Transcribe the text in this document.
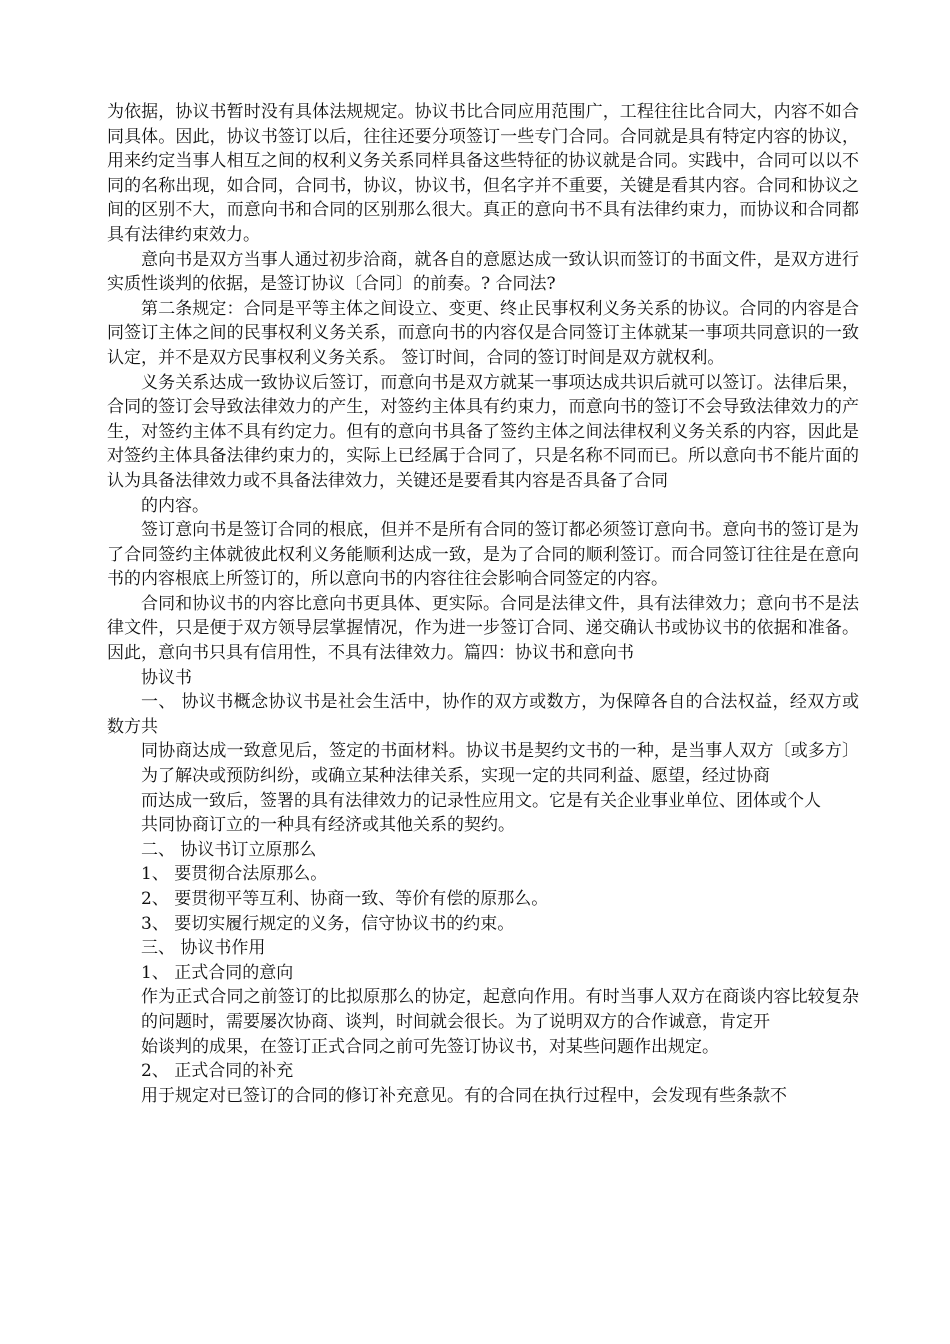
为依据，协议书暂时没有具体法规规定。协议书比合同应用范围广，工程往往比合同大，内容不如合同具体。因此，协议书签订以后，往往还要分项签订一些专门合同。合同就是具有特定内容的协议，用来约定当事人相互之间的权利义务关系同样具备这些特征的协议就是合同。实践中，合同可以以不同的名称出现，如合同，合同书，协议，协议书，但名字并不重要，关键是看其内容。合同和协议之间的区别不大，而意向书和合同的区别那么很大。真正的意向书不具有法律约束力，而协议和合同都具有法律约束效力。

意向书是双方当事人通过初步洽商，就各自的意愿达成一致认识而签订的书面文件，是双方进行实质性谈判的依据，是签订协议〔合同〕的前奏。? 合同法?

第二条规定：合同是平等主体之间设立、变更、终止民事权利义务关系的协议。合同的内容是合同签订主体之间的民事权利义务关系，而意向书的内容仅是合同签订主体就某一事项共同意识的一致认定，并不是双方民事权利义务关系。 签订时间，合同的签订时间是双方就权利。

义务关系达成一致协议后签订，而意向书是双方就某一事项达成共识后就可以签订。法律后果，合同的签订会导致法律效力的产生，对签约主体具有约束力，而意向书的签订不会导致法律效力的产生，对签约主体不具有约定力。但有的意向书具备了签约主体之间法律权利义务关系的内容，因此是对签约主体具备法律约束力的，实际上已经属于合同了，只是名称不同而已。所以意向书不能片面的认为具备法律效力或不具备法律效力，关键还是要看其内容是否具备了合同

的内容。

签订意向书是签订合同的根底，但并不是所有合同的签订都必须签订意向书。意向书的签订是为了合同签约主体就彼此权利义务能顺利达成一致，是为了合同的顺利签订。而合同签订往往是在意向书的内容根底上所签订的，所以意向书的内容往往会影响合同签定的内容。

合同和协议书的内容比意向书更具体、更实际。合同是法律文件，具有法律效力；意向书不是法律文件，只是便于双方领导层掌握情况，作为进一步签订合同、递交确认书或协议书的依据和准备。因此，意向书只具有信用性，不具有法律效力。篇四：协议书和意向书

协议书

一、 协议书概念协议书是社会生活中，协作的双方或数方，为保障各自的合法权益，经双方或数方共

同协商达成一致意见后，签定的书面材料。协议书是契约文书的一种，是当事人双方〔或多方〕为了解决或预防纠纷，或确立某种法律关系，实现一定的共同利益、愿望，经过协商

而达成一致后，签署的具有法律效力的记录性应用文。它是有关企业事业单位、团体或个人

共同协商订立的一种具有经济或其他关系的契约。

二、 协议书订立原那么

1、 要贯彻合法原那么。

2、 要贯彻平等互利、协商一致、等价有偿的原那么。

3、 要切实履行规定的义务，信守协议书的约束。

三、 协议书作用

1、 正式合同的意向

作为正式合同之前签订的比拟原那么的协定，起意向作用。有时当事人双方在商谈内容比较复杂的问题时，需要屡次协商、谈判，时间就会很长。为了说明双方的合作诚意，肯定开

始谈判的成果，在签订正式合同之前可先签订协议书，对某些问题作出规定。

2、 正式合同的补充

用于规定对已签订的合同的修订补充意见。有的合同在执行过程中，会发现有些条款不
